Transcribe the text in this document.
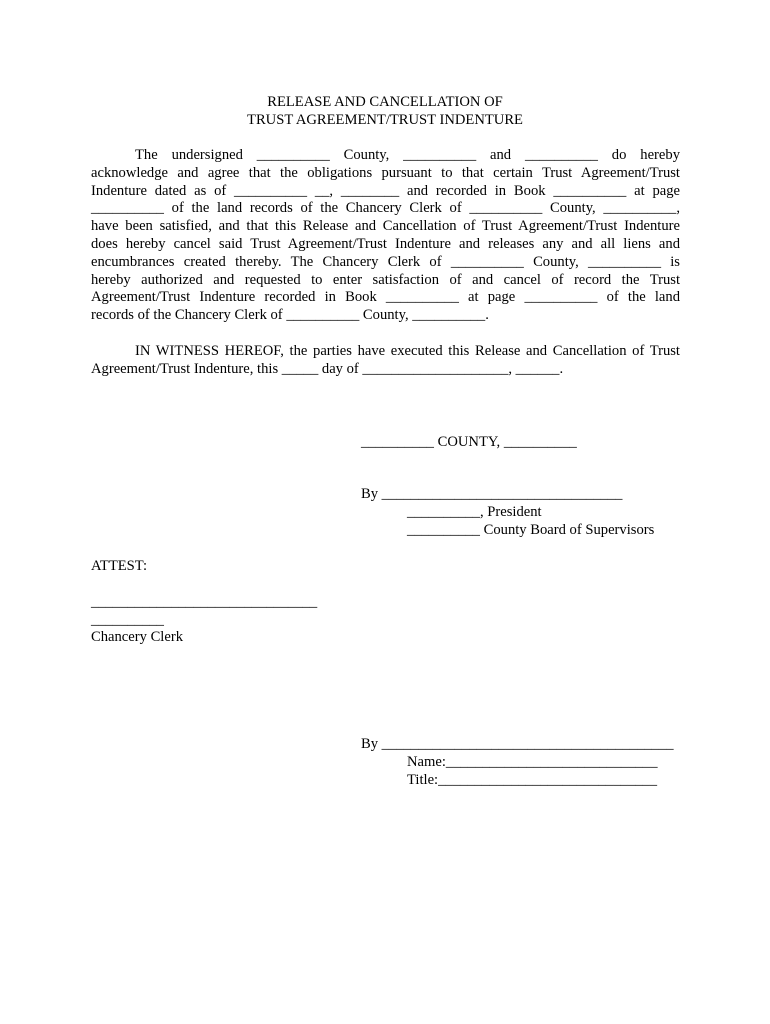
RELEASE AND CANCELLATION OF
TRUST AGREEMENT/TRUST INDENTURE
The undersigned __________ County, __________ and __________ do hereby
acknowledge and agree that the obligations pursuant to that certain Trust Agreement/Trust
Indenture dated as of __________ __, ________ and recorded in Book __________ at page
__________ of the land records of the Chancery Clerk of __________ County, __________,
have been satisfied, and that this Release and Cancellation of Trust Agreement/Trust Indenture
does hereby cancel said Trust Agreement/Trust Indenture and releases any and all liens and
encumbrances created thereby. The Chancery Clerk of __________ County, __________ is
hereby authorized and requested to enter satisfaction of and cancel of record the Trust
Agreement/Trust Indenture recorded in Book __________ at page __________ of the land
records of the Chancery Clerk of __________ County, __________.
IN WITNESS HEREOF, the parties have executed this Release and Cancellation of Trust
Agreement/Trust Indenture, this _____ day of ____________________, ______.
__________ COUNTY, __________
By _________________________________
__________, President
__________ County Board of Supervisors
ATTEST:
_______________________________
__________
Chancery Clerk
By ________________________________________
Name:_____________________________
Title:______________________________
